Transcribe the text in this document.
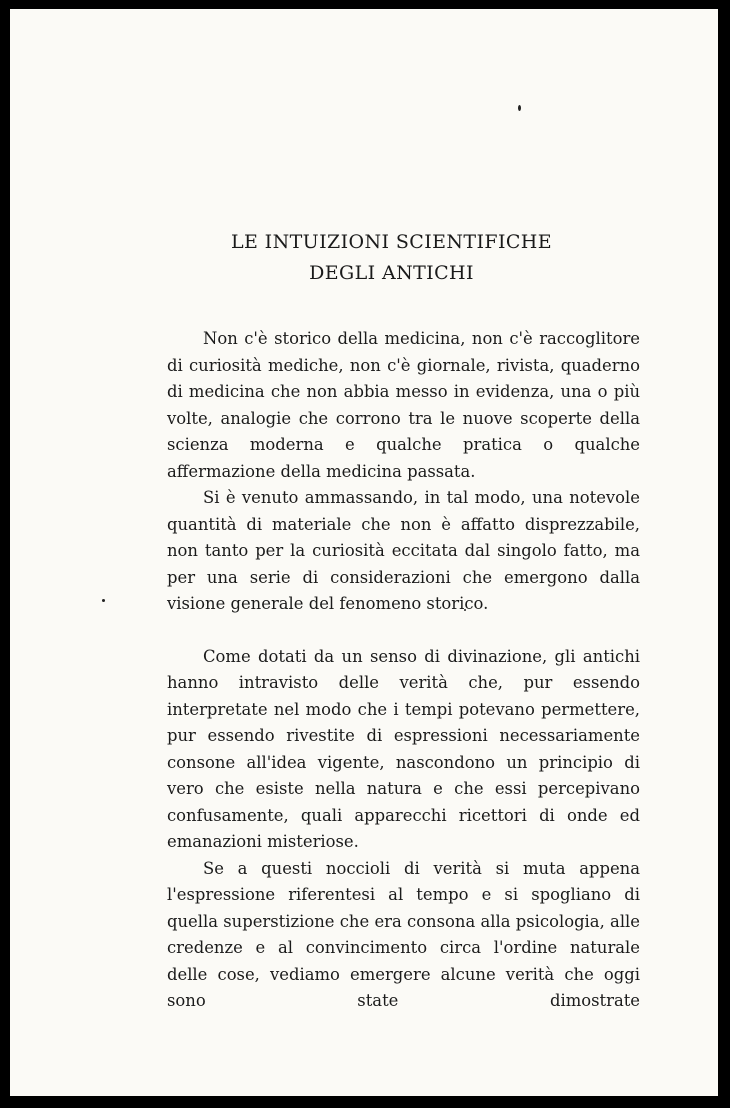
LE INTUIZIONI SCIENTIFICHE
DEGLI ANTICHI

Non c'è storico della medicina, non c'è raccoglitore di curiosità mediche, non c'è giornale, rivista, quaderno di medicina che non abbia messo in evidenza, una o più volte, analogie che corrono tra le nuove scoperte della scienza moderna e qualche pratica o qualche affermazione della medicina passata.

Si è venuto ammassando, in tal modo, una notevole quantità di materiale che non è affatto disprezzabile, non tanto per la curiosità eccitata dal singolo fatto, ma per una serie di considerazioni che emergono dalla visione generale del fenomeno storico.

Come dotati da un senso di divinazione, gli antichi hanno intravisto delle verità che, pur essendo interpretate nel modo che i tempi potevano permettere, pur essendo rivestite di espressioni necessariamente consone all'idea vigente, nascondono un principio di vero che esiste nella natura e che essi percepivano confusamente, quali apparecchi ricettori di onde ed emanazioni misteriose.

Se a questi noccioli di verità si muta appena l'espressione riferentesi al tempo e si spogliano di quella superstizione che era consona alla psicologia, alle credenze e al convincimento circa l'ordine naturale delle cose, vediamo emergere alcune verità che oggi sono state dimostrate
